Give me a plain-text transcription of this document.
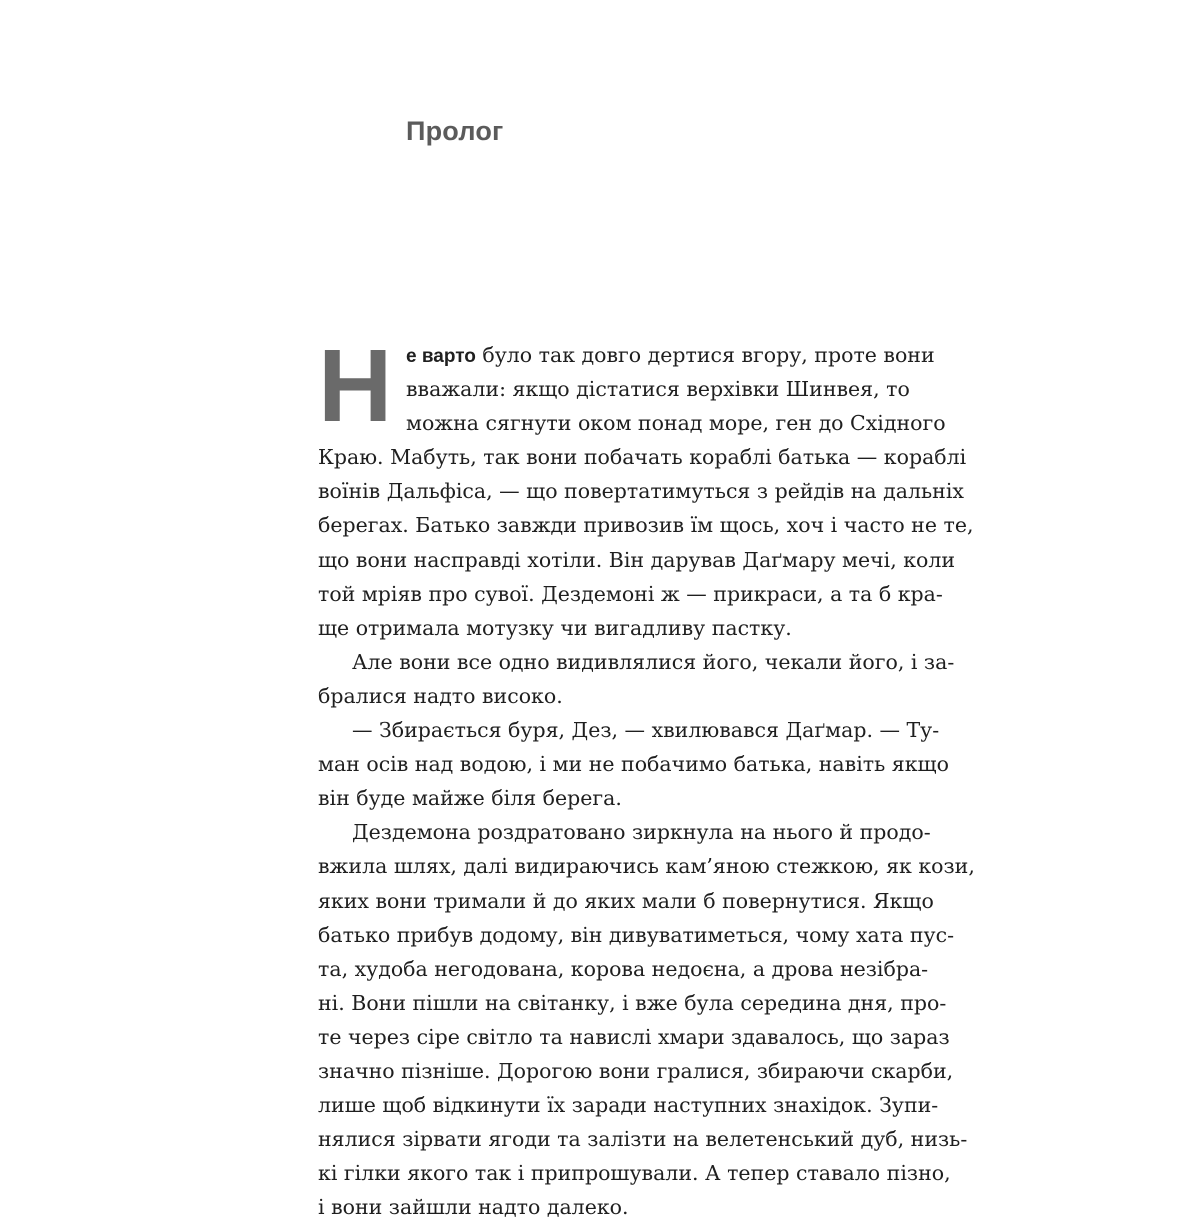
Пролог
Н е варто було так довго дертися вгору, проте вони
вважали: якщо дістатися верхівки Шинвея, то
можна сягнути оком понад море, ген до Східного
Краю. Мабуть, так вони побачать кораблі батька — кораблі
воїнів Дальфіса, — що повертатимуться з рейдів на дальніх
берегах. Батько завжди привозив їм щось, хоч і часто не те,
що вони насправді хотіли. Він дарував Даґмару мечі, коли
той мріяв про сувої. Дездемоні ж — прикраси, а та б кра-
ще отримала мотузку чи вигадливу пастку.
Але вони все одно видивлялися його, чекали його, і за-
бралися надто високо.
— Збирається буря, Дез, — хвилювався Даґмар. — Ту-
ман осів над водою, і ми не побачимо батька, навіть якщо
він буде майже біля берега.
Дездемона роздратовано зиркнула на нього й продо-
вжила шлях, далі видираючись кам’яною стежкою, як кози,
яких вони тримали й до яких мали б повернутися. Якщо
батько прибув додому, він дивуватиметься, чому хата пус-
та, худоба негодована, корова недоєна, а дрова незібра-
ні. Вони пішли на світанку, і вже була середина дня, про-
те через сіре світло та навислі хмари здавалось, що зараз
значно пізніше. Дорогою вони гралися, збираючи скарби,
лише щоб відкинути їх заради наступних знахідок. Зупи-
нялися зірвати ягоди та залізти на велетенський дуб, низь-
кі гілки якого так і припрошували. А тепер ставало пізно,
і вони зайшли надто далеко.
